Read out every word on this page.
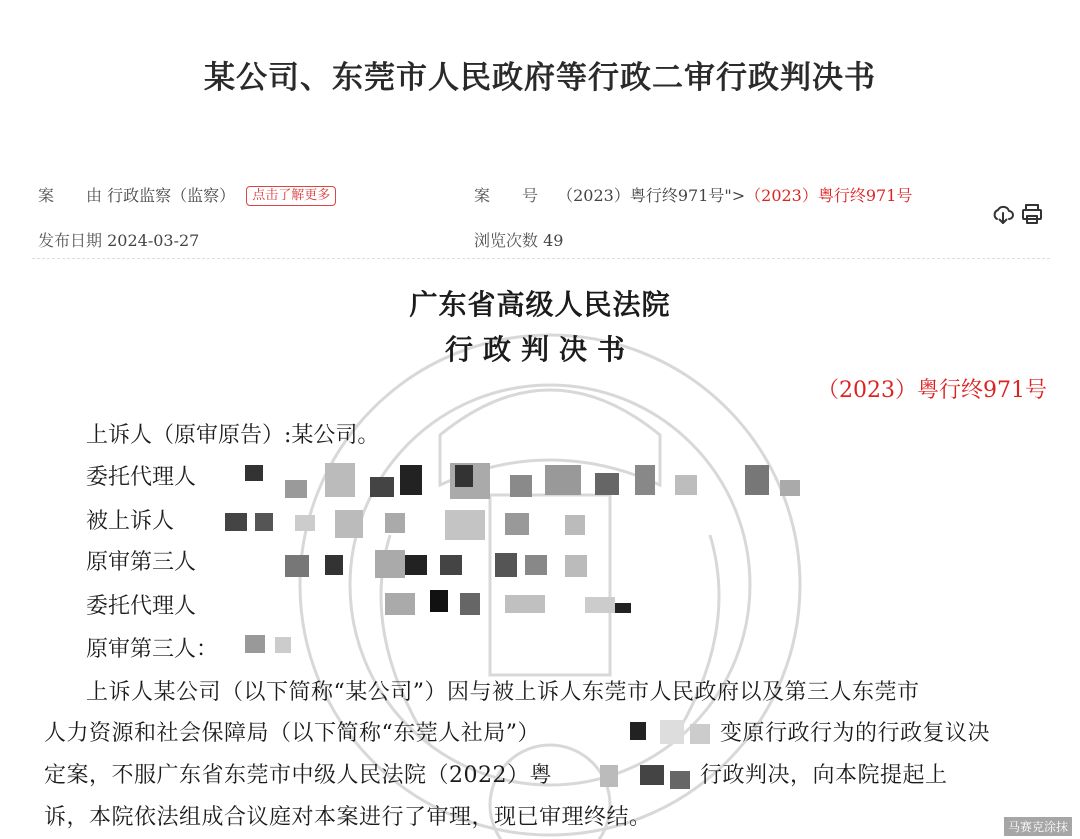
某公司、东莞市人民政府等行政二审行政判决书
案　　由 行政监察（监察） 点击了解更多	案　　号 （2023）粤行终971号">（2023）粤行终971号
发布日期 2024-03-27	浏览次数 49
广东省高级人民法院
行政判决书
（2023）粤行终971号
上诉人（原审原告）:某公司。
委托代理人
被上诉人
原审第三人
委托代理人
原审第三人：
上诉人某公司（以下简称“某公司”）因与被上诉人东莞市人民政府以及第三人东莞市
人力资源和社会保障局（以下简称“东莞人社局”）	变原行政行为的行政复议决
定案，不服广东省东莞市中级人民法院（2022）粤	行政判决，向本院提起上
诉，本院依法组成合议庭对本案进行了审理，现已审理终结。	马赛克涂抹
